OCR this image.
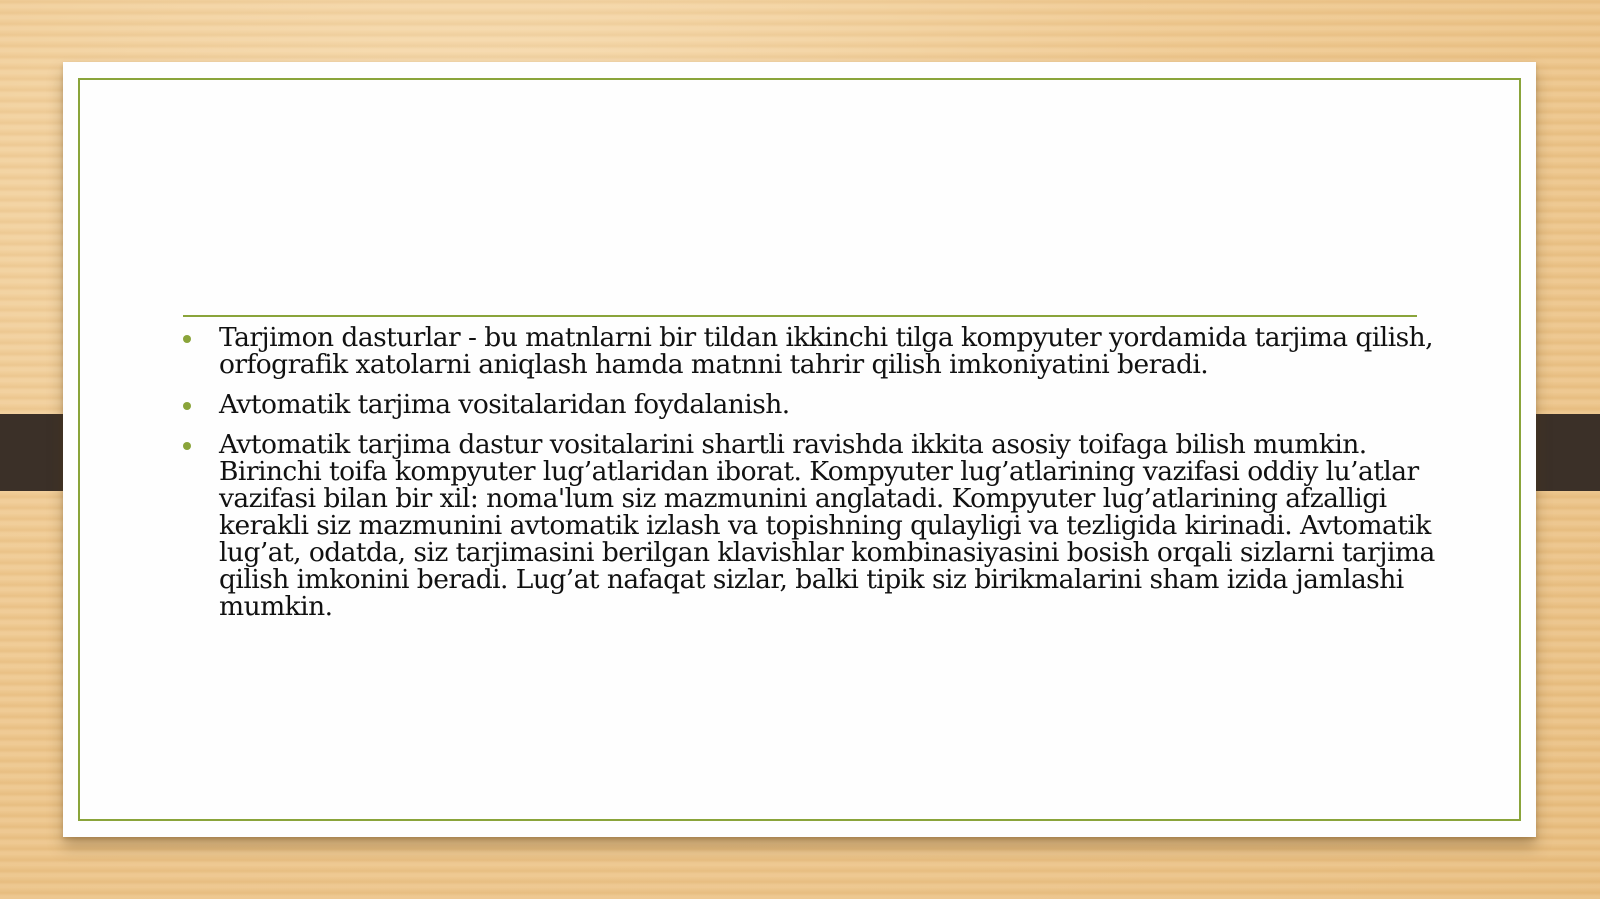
Tarjimon dasturlar - bu matnlarni bir tildan ikkinchi tilga kompyuter yordamida tarjima qilish, orfografik xatolarni aniqlash hamda matnni tahrir qilish imkoniyatini beradi.
Avtomatik tarjima vositalaridan foydalanish.
Avtomatik tarjima dastur vositalarini shartli ravishda ikkita asosiy toifaga bilish mumkin. Birinchi toifa kompyuter lug’atlaridan iborat. Kompyuter lug’atlarining vazifasi oddiy lu’atlar vazifasi bilan bir xil: noma'lum siz mazmunini anglatadi. Kompyuter lug’atlarining afzalligi kerakli siz mazmunini avtomatik izlash va topishning qulayligi va tezligida kirinadi. Avtomatik lug’at, odatda, siz tarjimasini berilgan klavishlar kombinasiyasini bosish orqali sizlarni tarjima qilish imkonini beradi. Lug’at nafaqat sizlar, balki tipik siz birikmalarini sham izida jamlashi mumkin.
